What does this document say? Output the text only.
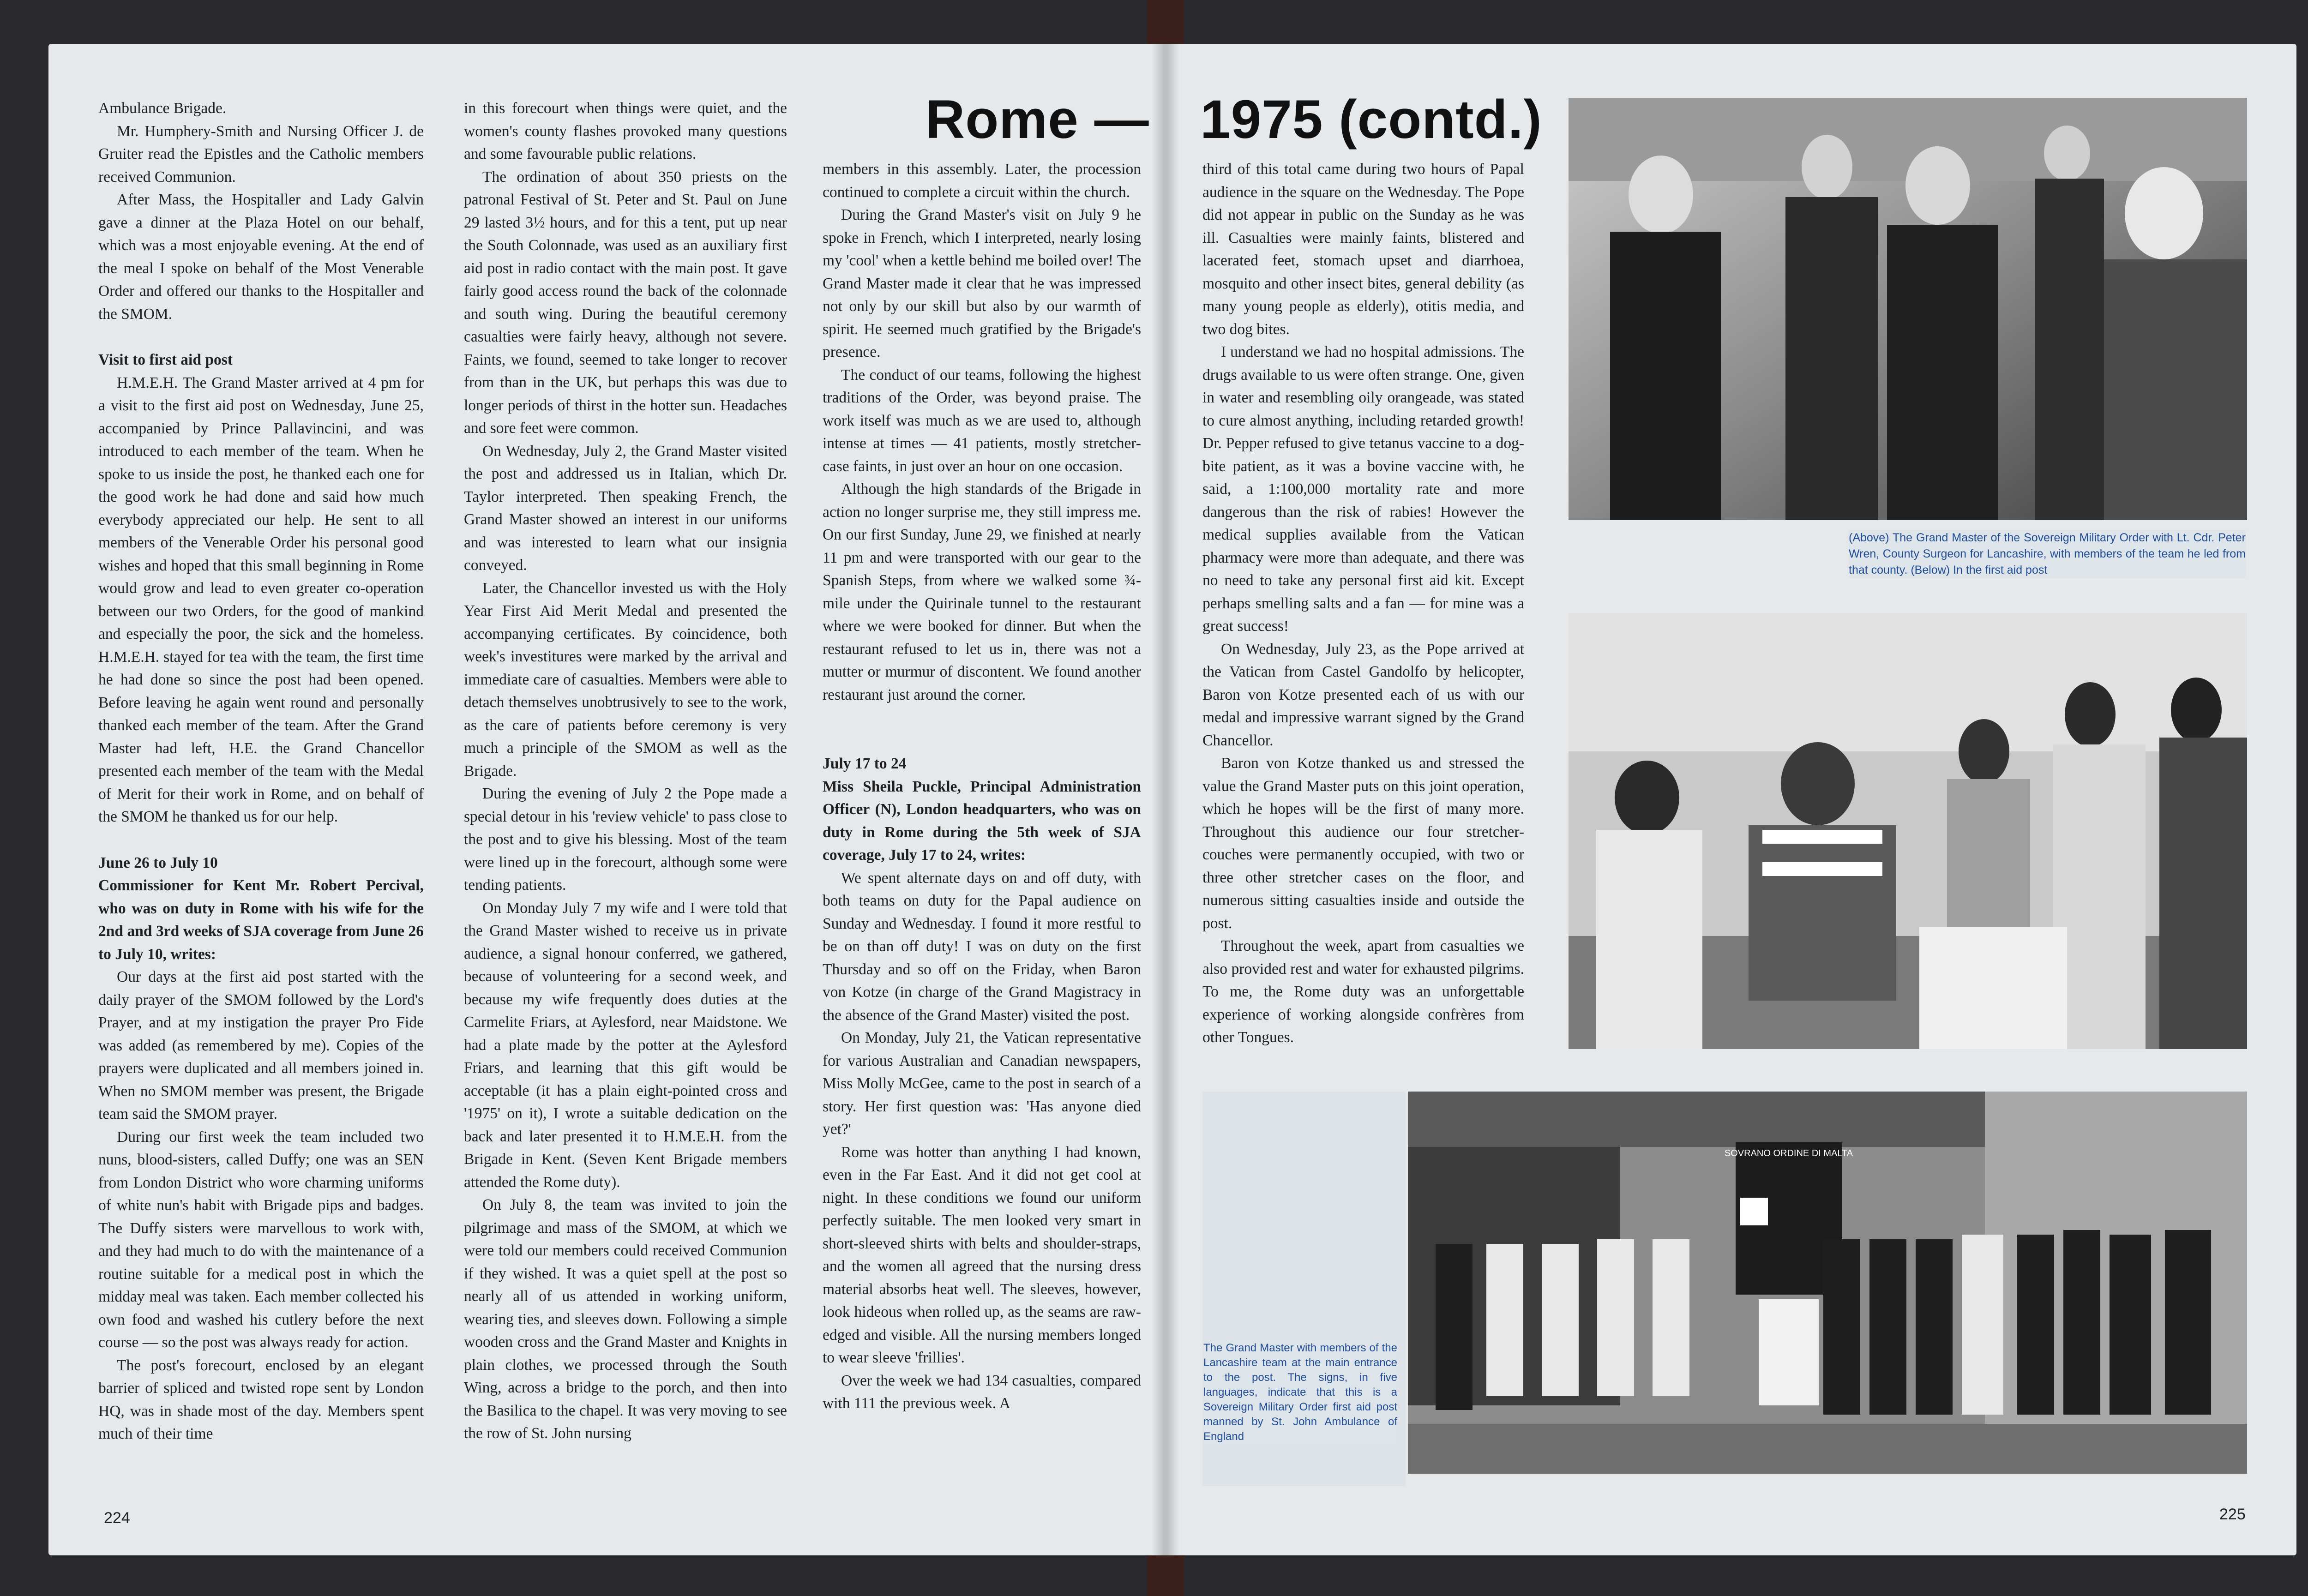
Rome — 1975 (contd.)

Ambulance Brigade.

Mr. Humphery-Smith and Nursing Officer J. de Gruiter read the Epistles and the Catholic members received Communion.

After Mass, the Hospitaller and Lady Galvin gave a dinner at the Plaza Hotel on our behalf, which was a most enjoyable evening. At the end of the meal I spoke on behalf of the Most Venerable Order and offered our thanks to the Hospitaller and the SMOM.

Visit to first aid post

H.M.E.H. The Grand Master arrived at 4 pm for a visit to the first aid post on Wednesday, June 25, accompanied by Prince Pallavincini, and was introduced to each member of the team. When he spoke to us inside the post, he thanked each one for the good work he had done and said how much everybody appreciated our help. He sent to all members of the Venerable Order his personal good wishes and hoped that this small beginning in Rome would grow and lead to even greater co-operation between our two Orders, for the good of mankind and especially the poor, the sick and the homeless. H.M.E.H. stayed for tea with the team, the first time he had done so since the post had been opened. Before leaving he again went round and personally thanked each member of the team. After the Grand Master had left, H.E. the Grand Chancellor presented each member of the team with the Medal of Merit for their work in Rome, and on behalf of the SMOM he thanked us for our help.

June 26 to July 10
Commissioner for Kent Mr. Robert Percival, who was on duty in Rome with his wife for the 2nd and 3rd weeks of SJA coverage from June 26 to July 10, writes:

Our days at the first aid post started with the daily prayer of the SMOM followed by the Lord's Prayer, and at my instigation the prayer Pro Fide was added (as remembered by me). Copies of the prayers were duplicated and all members joined in. When no SMOM member was present, the Brigade team said the SMOM prayer.

During our first week the team included two nuns, blood-sisters, called Duffy; one was an SEN from London District who wore charming uniforms of white nun's habit with Brigade pips and badges. The Duffy sisters were marvellous to work with, and they had much to do with the maintenance of a routine suitable for a medical post in which the midday meal was taken. Each member collected his own food and washed his cutlery before the next course — so the post was always ready for action.

The post's forecourt, enclosed by an elegant barrier of spliced and twisted rope sent by London HQ, was in shade most of the day. Members spent much of their time

in this forecourt when things were quiet, and the women's county flashes provoked many questions and some favourable public relations.

The ordination of about 350 priests on the patronal Festival of St. Peter and St. Paul on June 29 lasted 3½ hours, and for this a tent, put up near the South Colonnade, was used as an auxiliary first aid post in radio contact with the main post. It gave fairly good access round the back of the colonnade and south wing. During the beautiful ceremony casualties were fairly heavy, although not severe. Faints, we found, seemed to take longer to recover from than in the UK, but perhaps this was due to longer periods of thirst in the hotter sun. Headaches and sore feet were common.

On Wednesday, July 2, the Grand Master visited the post and addressed us in Italian, which Dr. Taylor interpreted. Then speaking French, the Grand Master showed an interest in our uniforms and was interested to learn what our insignia conveyed.

Later, the Chancellor invested us with the Holy Year First Aid Merit Medal and presented the accompanying certificates. By coincidence, both week's investitures were marked by the arrival and immediate care of casualties. Members were able to detach themselves unobtrusively to see to the work, as the care of patients before ceremony is very much a principle of the SMOM as well as the Brigade.

During the evening of July 2 the Pope made a special detour in his 'review vehicle' to pass close to the post and to give his blessing. Most of the team were lined up in the forecourt, although some were tending patients.

On Monday July 7 my wife and I were told that the Grand Master wished to receive us in private audience, a signal honour conferred, we gathered, because of volunteering for a second week, and because my wife frequently does duties at the Carmelite Friars, at Aylesford, near Maidstone. We had a plate made by the potter at the Aylesford Friars, and learning that this gift would be acceptable (it has a plain eight-pointed cross and '1975' on it), I wrote a suitable dedication on the back and later presented it to H.M.E.H. from the Brigade in Kent. (Seven Kent Brigade members attended the Rome duty).

On July 8, the team was invited to join the pilgrimage and mass of the SMOM, at which we were told our members could received Communion if they wished. It was a quiet spell at the post so nearly all of us attended in working uniform, wearing ties, and sleeves down. Following a simple wooden cross and the Grand Master and Knights in plain clothes, we processed through the South Wing, across a bridge to the porch, and then into the Basilica to the chapel. It was very moving to see the row of St. John nursing

members in this assembly. Later, the procession continued to complete a circuit within the church.

During the Grand Master's visit on July 9 he spoke in French, which I interpreted, nearly losing my 'cool' when a kettle behind me boiled over! The Grand Master made it clear that he was impressed not only by our skill but also by our warmth of spirit. He seemed much gratified by the Brigade's presence.

The conduct of our teams, following the highest traditions of the Order, was beyond praise. The work itself was much as we are used to, although intense at times — 41 patients, mostly stretcher-case faints, in just over an hour on one occasion.

Although the high standards of the Brigade in action no longer surprise me, they still impress me. On our first Sunday, June 29, we finished at nearly 11 pm and were transported with our gear to the Spanish Steps, from where we walked some ¾-mile under the Quirinale tunnel to the restaurant where we were booked for dinner. But when the restaurant refused to let us in, there was not a mutter or murmur of discontent. We found another restaurant just around the corner.

July 17 to 24
Miss Sheila Puckle, Principal Administration Officer (N), London headquarters, who was on duty in Rome during the 5th week of SJA coverage, July 17 to 24, writes:

We spent alternate days on and off duty, with both teams on duty for the Papal audience on Sunday and Wednesday. I found it more restful to be on than off duty! I was on duty on the first Thursday and so off on the Friday, when Baron von Kotze (in charge of the Grand Magistracy in the absence of the Grand Master) visited the post.

On Monday, July 21, the Vatican representative for various Australian and Canadian newspapers, Miss Molly McGee, came to the post in search of a story. Her first question was: 'Has anyone died yet?'

Rome was hotter than anything I had known, even in the Far East. And it did not get cool at night. In these conditions we found our uniform perfectly suitable. The men looked very smart in short-sleeved shirts with belts and shoulder-straps, and the women all agreed that the nursing dress material absorbs heat well. The sleeves, however, look hideous when rolled up, as the seams are raw-edged and visible. All the nursing members longed to wear sleeve 'frillies'.

Over the week we had 134 casualties, compared with 111 the previous week. A

third of this total came during two hours of Papal audience in the square on the Wednesday. The Pope did not appear in public on the Sunday as he was ill. Casualties were mainly faints, blistered and lacerated feet, stomach upset and diarrhoea, mosquito and other insect bites, general debility (as many young people as elderly), otitis media, and two dog bites.

I understand we had no hospital admissions. The drugs available to us were often strange. One, given in water and resembling oily orangeade, was stated to cure almost anything, including retarded growth! Dr. Pepper refused to give tetanus vaccine to a dog-bite patient, as it was a bovine vaccine with, he said, a 1:100,000 mortality rate and more dangerous than the risk of rabies! However the medical supplies available from the Vatican pharmacy were more than adequate, and there was no need to take any personal first aid kit. Except perhaps smelling salts and a fan — for mine was a great success!

On Wednesday, July 23, as the Pope arrived at the Vatican from Castel Gandolfo by helicopter, Baron von Kotze presented each of us with our medal and impressive warrant signed by the Grand Chancellor.

Baron von Kotze thanked us and stressed the value the Grand Master puts on this joint operation, which he hopes will be the first of many more. Throughout this audience our four stretcher-couches were permanently occupied, with two or three other stretcher cases on the floor, and numerous sitting casualties inside and outside the post.

Throughout the week, apart from casualties we also provided rest and water for exhausted pilgrims. To me, the Rome duty was an unforgettable experience of working alongside confrères from other Tongues.

(Above) The Grand Master of the Sovereign Military Order with Lt. Cdr. Peter Wren, County Surgeon for Lancashire, with members of the team he led from that county. (Below) In the first aid post
SOVRANO ORDINE DI MALTA
The Grand Master with members of the Lancashire team at the main entrance to the post. The signs, in five languages, indicate that this is a Sovereign Military Order first aid post manned by St. John Ambulance of England
224	225
